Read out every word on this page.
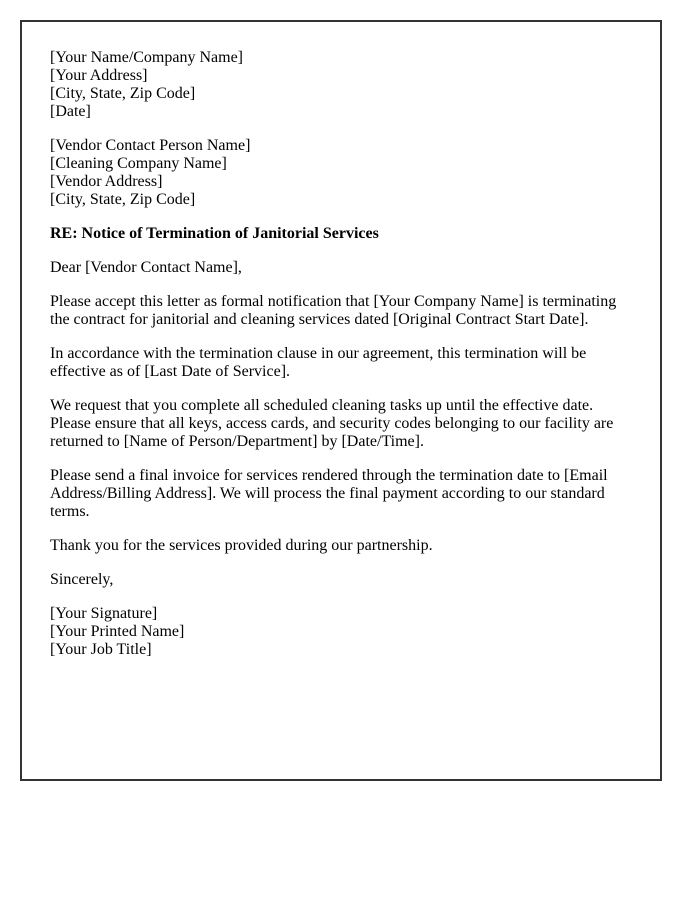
[Your Name/Company Name]
[Your Address]
[City, State, Zip Code]
[Date]
[Vendor Contact Person Name]
[Cleaning Company Name]
[Vendor Address]
[City, State, Zip Code]

RE: Notice of Termination of Janitorial Services

Dear [Vendor Contact Name],

Please accept this letter as formal notification that [Your Company Name] is terminating the contract for janitorial and cleaning services dated [Original Contract Start Date].

In accordance with the termination clause in our agreement, this termination will be effective as of [Last Date of Service].

We request that you complete all scheduled cleaning tasks up until the effective date. Please ensure that all keys, access cards, and security codes belonging to our facility are returned to [Name of Person/Department] by [Date/Time].

Please send a final invoice for services rendered through the termination date to [Email Address/Billing Address]. We will process the final payment according to our standard terms.

Thank you for the services provided during our partnership.

Sincerely,

[Your Signature]
[Your Printed Name]
[Your Job Title]
